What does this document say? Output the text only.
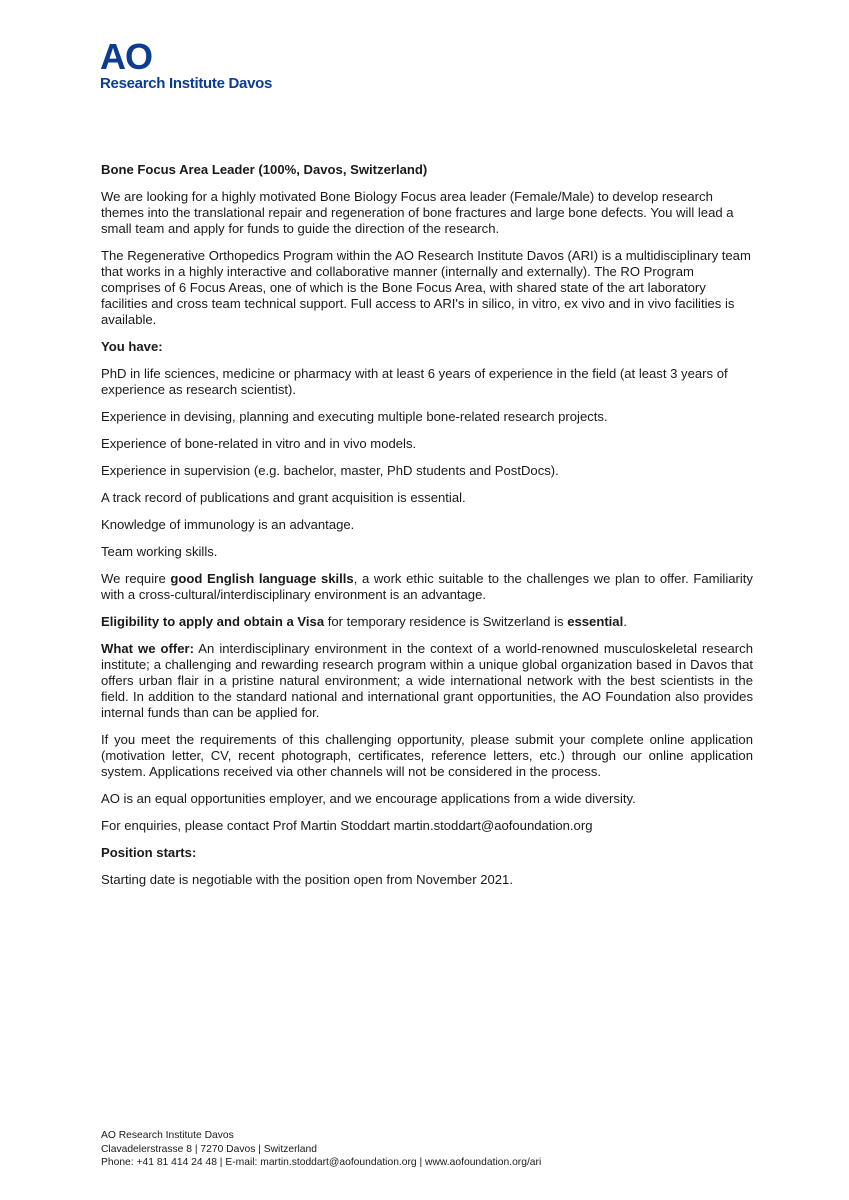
AO
Research Institute Davos

Bone Focus Area Leader (100%, Davos, Switzerland)

We are looking for a highly motivated Bone Biology Focus area leader (Female/Male) to develop research themes into the translational repair and regeneration of bone fractures and large bone defects. You will lead a small team and apply for funds to guide the direction of the research.

The Regenerative Orthopedics Program within the AO Research Institute Davos (ARI) is a multidisciplinary team that works in a highly interactive and collaborative manner (internally and externally). The RO Program comprises of 6 Focus Areas, one of which is the Bone Focus Area, with shared state of the art laboratory facilities and cross team technical support. Full access to ARI's in silico, in vitro, ex vivo and in vivo facilities is available.

You have:

PhD in life sciences, medicine or pharmacy with at least 6 years of experience in the field (at least 3 years of experience as research scientist).

Experience in devising, planning and executing multiple bone-related research projects.

Experience of bone-related in vitro and in vivo models.

Experience in supervision (e.g. bachelor, master, PhD students and PostDocs).

A track record of publications and grant acquisition is essential.

Knowledge of immunology is an advantage.

Team working skills.

We require good English language skills, a work ethic suitable to the challenges we plan to offer. Familiarity with a cross-cultural/interdisciplinary environment is an advantage.

Eligibility to apply and obtain a Visa for temporary residence is Switzerland is essential.

What we offer: An interdisciplinary environment in the context of a world-renowned musculoskeletal research institute; a challenging and rewarding research program within a unique global organization based in Davos that offers urban flair in a pristine natural environment; a wide international network with the best scientists in the field. In addition to the standard national and international grant opportunities, the AO Foundation also provides internal funds than can be applied for.

If you meet the requirements of this challenging opportunity, please submit your complete online application (motivation letter, CV, recent photograph, certificates, reference letters, etc.) through our online application system. Applications received via other channels will not be considered in the process.

AO is an equal opportunities employer, and we encourage applications from a wide diversity.

For enquiries, please contact Prof Martin Stoddart martin.stoddart@aofoundation.org

Position starts:

Starting date is negotiable with the position open from November 2021.

AO Research Institute Davos
Clavadelerstrasse 8 | 7270 Davos | Switzerland
Phone: +41 81 414 24 48 | E-mail: martin.stoddart@aofoundation.org | www.aofoundation.org/ari
